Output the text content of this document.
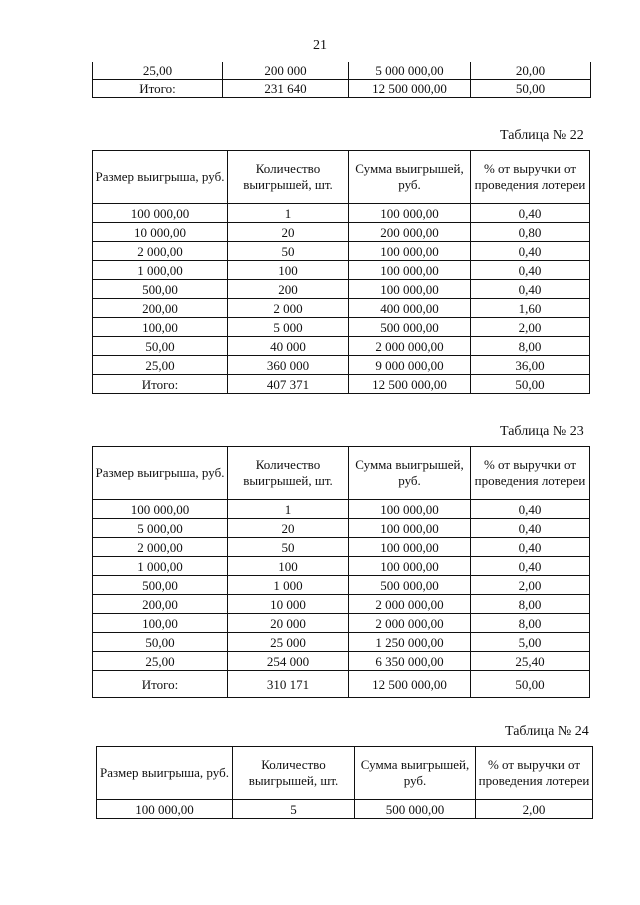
21
25,00	200 000	5 000 000,00	20,00
Итого:	231 640	12 500 000,00	50,00
Таблица № 22
Размер выигрыша, руб.	Количество выигрышей, шт.	Сумма выигрышей, руб.	% от выручки от проведения лотереи
100 000,00	1	100 000,00	0,40
10 000,00	20	200 000,00	0,80
2 000,00	50	100 000,00	0,40
1 000,00	100	100 000,00	0,40
500,00	200	100 000,00	0,40
200,00	2 000	400 000,00	1,60
100,00	5 000	500 000,00	2,00
50,00	40 000	2 000 000,00	8,00
25,00	360 000	9 000 000,00	36,00
Итого:	407 371	12 500 000,00	50,00
Таблица № 23
Размер выигрыша, руб.	Количество выигрышей, шт.	Сумма выигрышей, руб.	% от выручки от проведения лотереи
100 000,00	1	100 000,00	0,40
5 000,00	20	100 000,00	0,40
2 000,00	50	100 000,00	0,40
1 000,00	100	100 000,00	0,40
500,00	1 000	500 000,00	2,00
200,00	10 000	2 000 000,00	8,00
100,00	20 000	2 000 000,00	8,00
50,00	25 000	1 250 000,00	5,00
25,00	254 000	6 350 000,00	25,40
Итого:	310 171	12 500 000,00	50,00
Таблица № 24
Размер выигрыша, руб.	Количество выигрышей, шт.	Сумма выигрышей, руб.	% от выручки от проведения лотереи
100 000,00	5	500 000,00	2,00
